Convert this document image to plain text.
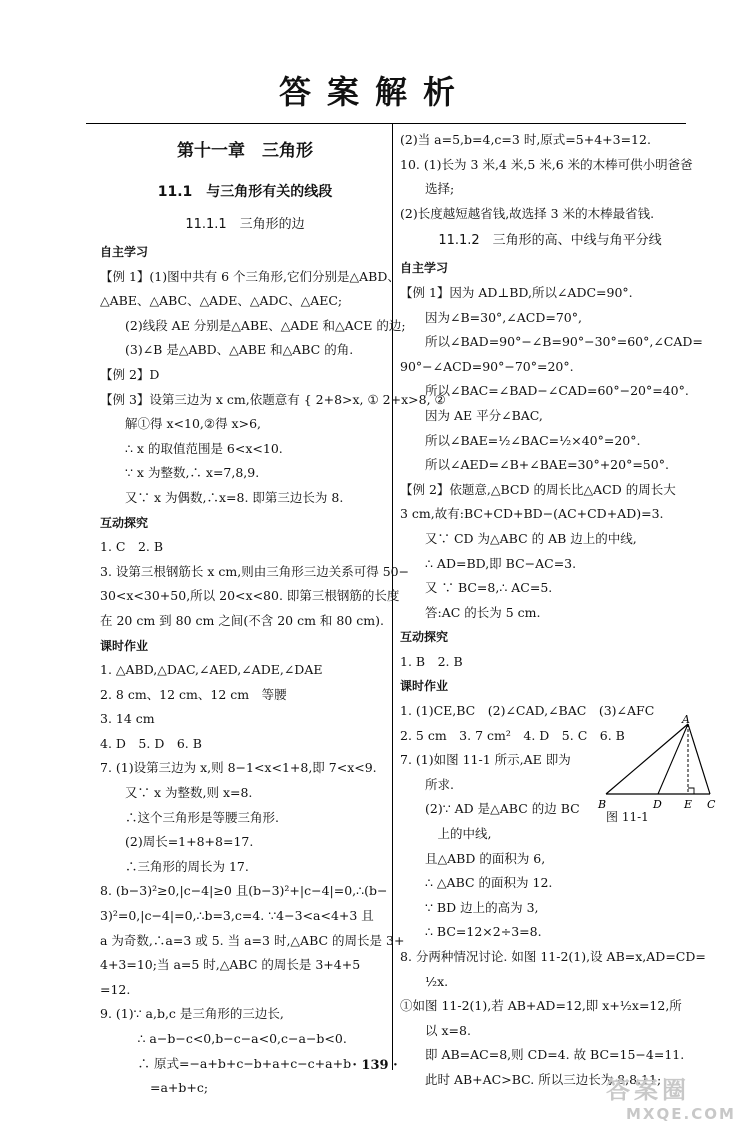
答案解析
第十一章　三角形
11.1　与三角形有关的线段
11.1.1　三角形的边
自主学习
【例 1】(1)图中共有 6 个三角形,它们分别是△ABD、
△ABE、△ABC、△ADE、△ADC、△AEC;
(2)线段 AE 分别是△ABE、△ADE 和△ACE 的边;
(3)∠B 是△ABD、△ABE 和△ABC 的角.
【例 2】D
【例 3】设第三边为 x cm,依题意有 { 2+8>x, ① 2+x>8, ②
解①得 x<10,②得 x>6,
∴ x 的取值范围是 6<x<10.
∵ x 为整数,∴ x=7,8,9.
又∵ x 为偶数,∴x=8. 即第三边长为 8.
互动探究
1. C　2. B
3. 设第三根钢筋长 x cm,则由三角形三边关系可得 50−
30<x<30+50,所以 20<x<80. 即第三根钢筋的长度
在 20 cm 到 80 cm 之间(不含 20 cm 和 80 cm).
课时作业
1. △ABD,△DAC,∠AED,∠ADE,∠DAE
2. 8 cm、12 cm、12 cm　等腰
3. 14 cm
4. D　5. D　6. B
7. (1)设第三边为 x,则 8−1<x<1+8,即 7<x<9.
又∵ x 为整数,则 x=8.
∴这个三角形是等腰三角形.
(2)周长=1+8+8=17.
∴三角形的周长为 17.
8. (b−3)²≥0,|c−4|≥0 且(b−3)²+|c−4|=0,∴(b−
3)²=0,|c−4|=0,∴b=3,c=4. ∵4−3<a<4+3 且
a 为奇数,∴a=3 或 5. 当 a=3 时,△ABC 的周长是 3+
4+3=10;当 a=5 时,△ABC 的周长是 3+4+5
=12.
9. (1)∵ a,b,c 是三角形的三边长,
∴ a−b−c<0,b−c−a<0,c−a−b<0.
∴ 原式=−a+b+c−b+a+c−c+a+b
=a+b+c;
(2)当 a=5,b=4,c=3 时,原式=5+4+3=12.
10. (1)长为 3 米,4 米,5 米,6 米的木棒可供小明爸爸
选择;
(2)长度越短越省钱,故选择 3 米的木棒最省钱.
11.1.2　三角形的高、中线与角平分线
自主学习
【例 1】因为 AD⊥BD,所以∠ADC=90°.
因为∠B=30°,∠ACD=70°,
所以∠BAD=90°−∠B=90°−30°=60°,∠CAD=
90°−∠ACD=90°−70°=20°.
所以∠BAC=∠BAD−∠CAD=60°−20°=40°.
因为 AE 平分∠BAC,
所以∠BAE=½∠BAC=½×40°=20°.
所以∠AED=∠B+∠BAE=30°+20°=50°.
【例 2】依题意,△BCD 的周长比△ACD 的周长大
3 cm,故有:BC+CD+BD−(AC+CD+AD)=3.
又∵ CD 为△ABC 的 AB 边上的中线,
∴ AD=BD,即 BC−AC=3.
又 ∵ BC=8,∴ AC=5.
答:AC 的长为 5 cm.
互动探究
1. B　2. B
课时作业
1. (1)CE,BC　(2)∠CAD,∠BAC　(3)∠AFC
2. 5 cm　3. 7 cm²　4. D　5. C　6. B
7. (1)如图 11-1 所示,AE 即为
所求.
(2)∵ AD 是△ABC 的边 BC
上的中线,
且△ABD 的面积为 6,
∴ △ABC 的面积为 12.
∵ BD 边上的高为 3,
∴ BC=12×2÷3=8.
8. 分两种情况讨论. 如图 11-2(1),设 AB=x,AD=CD=
½x.
①如图 11-2(1),若 AB+AD=12,即 x+½x=12,所
以 x=8.
即 AB=AC=8,则 CD=4. 故 BC=15−4=11.
此时 AB+AC>BC. 所以三边长为 8,8,11;
A
B	D E C
图 11-1
· 139 ·
答案圈
MXQE.COM
